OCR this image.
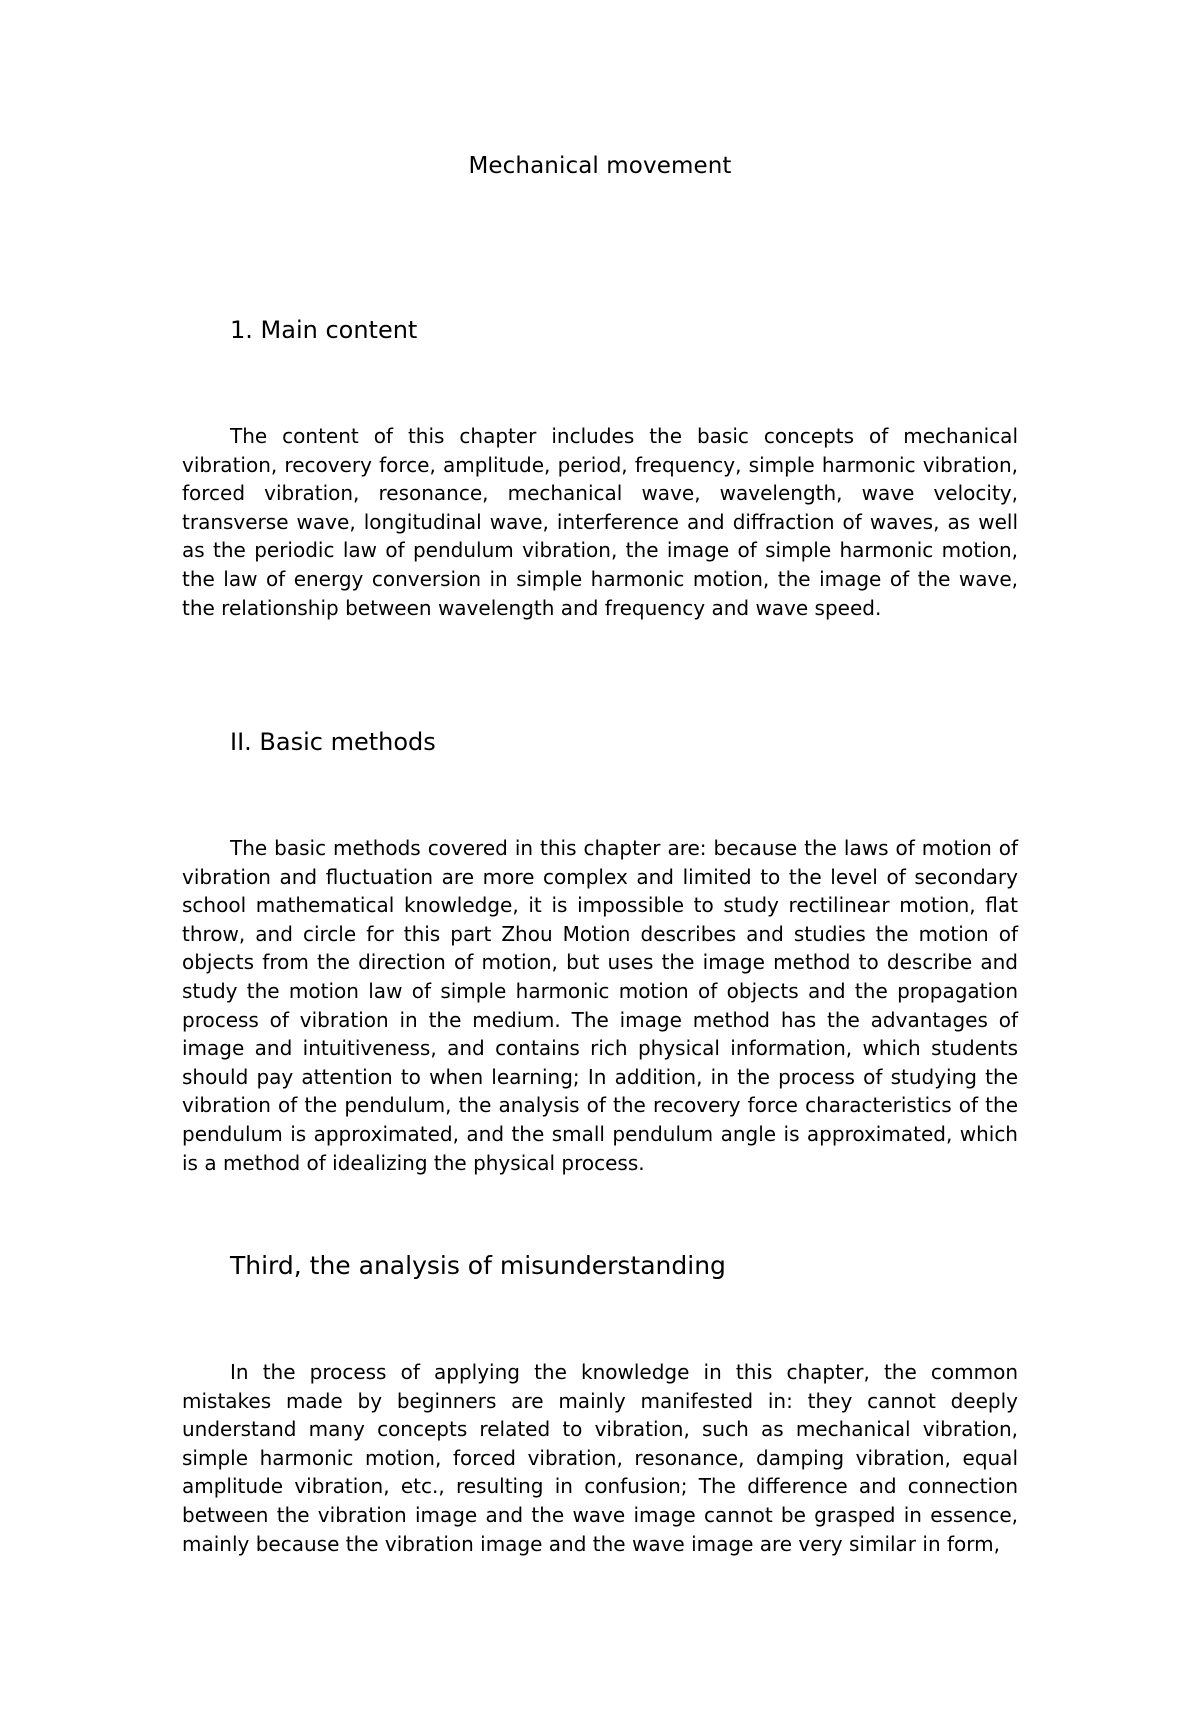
Mechanical movement
1. Main content

The content of this chapter includes the basic concepts of mechanical vibration, recovery force, amplitude, period, frequency, simple harmonic vibration, forced vibration, resonance, mechanical wave, wavelength, wave velocity, transverse wave, longitudinal wave, interference and diffraction of waves, as well as the periodic law of pendulum vibration, the image of simple harmonic motion, the law of energy conversion in simple harmonic motion, the image of the wave, the relationship between wavelength and frequency and wave speed.

II. Basic methods

The basic methods covered in this chapter are: because the laws of motion of vibration and fluctuation are more complex and limited to the level of secondary school mathematical knowledge, it is impossible to study rectilinear motion, flat throw, and circle for this part Zhou Motion describes and studies the motion of objects from the direction of motion, but uses the image method to describe and study the motion law of simple harmonic motion of objects and the propagation process of vibration in the medium. The image method has the advantages of image and intuitiveness, and contains rich physical information, which students should pay attention to when learning; In addition, in the process of studying the vibration of the pendulum, the analysis of the recovery force characteristics of the pendulum is approximated, and the small pendulum angle is approximated, which is a method of idealizing the physical process.

Third, the analysis of misunderstanding

In the process of applying the knowledge in this chapter, the common mistakes made by beginners are mainly manifested in: they cannot deeply understand many concepts related to vibration, such as mechanical vibration, simple harmonic motion, forced vibration, resonance, damping vibration, equal amplitude vibration, etc., resulting in confusion; The difference and connection between the vibration image and the wave image cannot be grasped in essence, mainly because the vibration image and the wave image are very similar in form,
